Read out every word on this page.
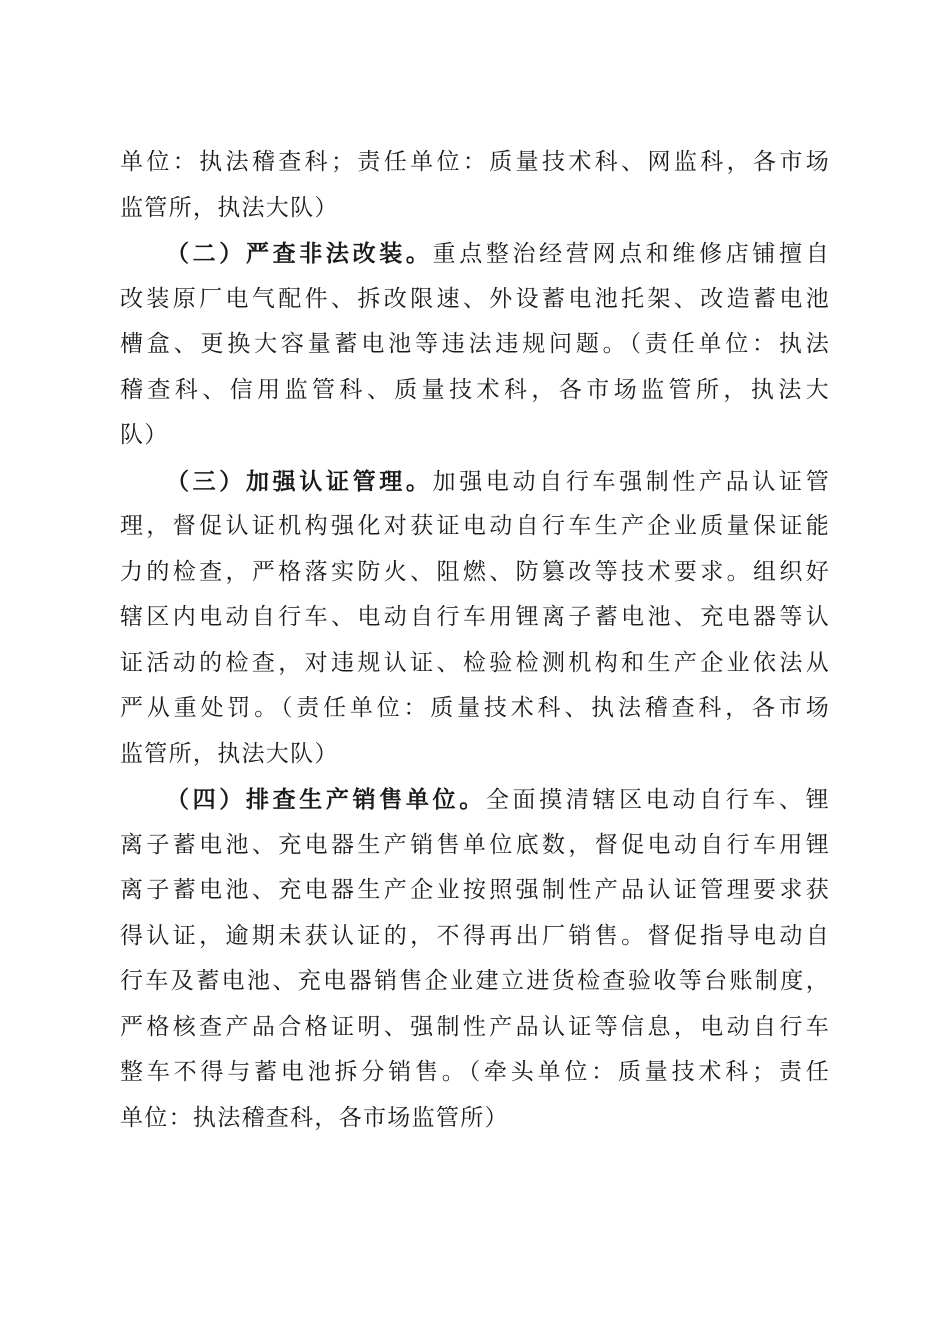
单位：执法稽查科；责任单位：质量技术科、网监科，各市场
监管所，执法大队）
（二）严查非法改装。重点整治经营网点和维修店铺擅自
改装原厂电气配件、拆改限速、外设蓄电池托架、改造蓄电池
槽盒、更换大容量蓄电池等违法违规问题。（责任单位：执法
稽查科、信用监管科、质量技术科，各市场监管所，执法大
队）
（三）加强认证管理。加强电动自行车强制性产品认证管
理，督促认证机构强化对获证电动自行车生产企业质量保证能
力的检查，严格落实防火、阻燃、防篡改等技术要求。组织好
辖区内电动自行车、电动自行车用锂离子蓄电池、充电器等认
证活动的检查，对违规认证、检验检测机构和生产企业依法从
严从重处罚。（责任单位：质量技术科、执法稽查科，各市场
监管所，执法大队）
（四）排查生产销售单位。全面摸清辖区电动自行车、锂
离子蓄电池、充电器生产销售单位底数，督促电动自行车用锂
离子蓄电池、充电器生产企业按照强制性产品认证管理要求获
得认证，逾期未获认证的，不得再出厂销售。督促指导电动自
行车及蓄电池、充电器销售企业建立进货检查验收等台账制度，
严格核查产品合格证明、强制性产品认证等信息，电动自行车
整车不得与蓄电池拆分销售。（牵头单位：质量技术科；责任
单位：执法稽查科，各市场监管所）
